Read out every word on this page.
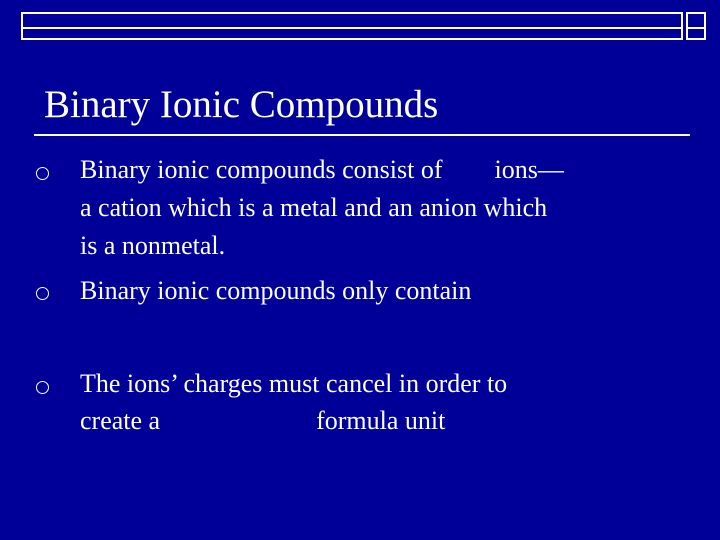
Binary Ionic Compounds
Binary ionic compounds consist of        ions—
a cation which is a metal and an anion which
is a nonmetal.
Binary ionic compounds only contain
The ions’ charges must cancel in order to
create a                        formula unit
